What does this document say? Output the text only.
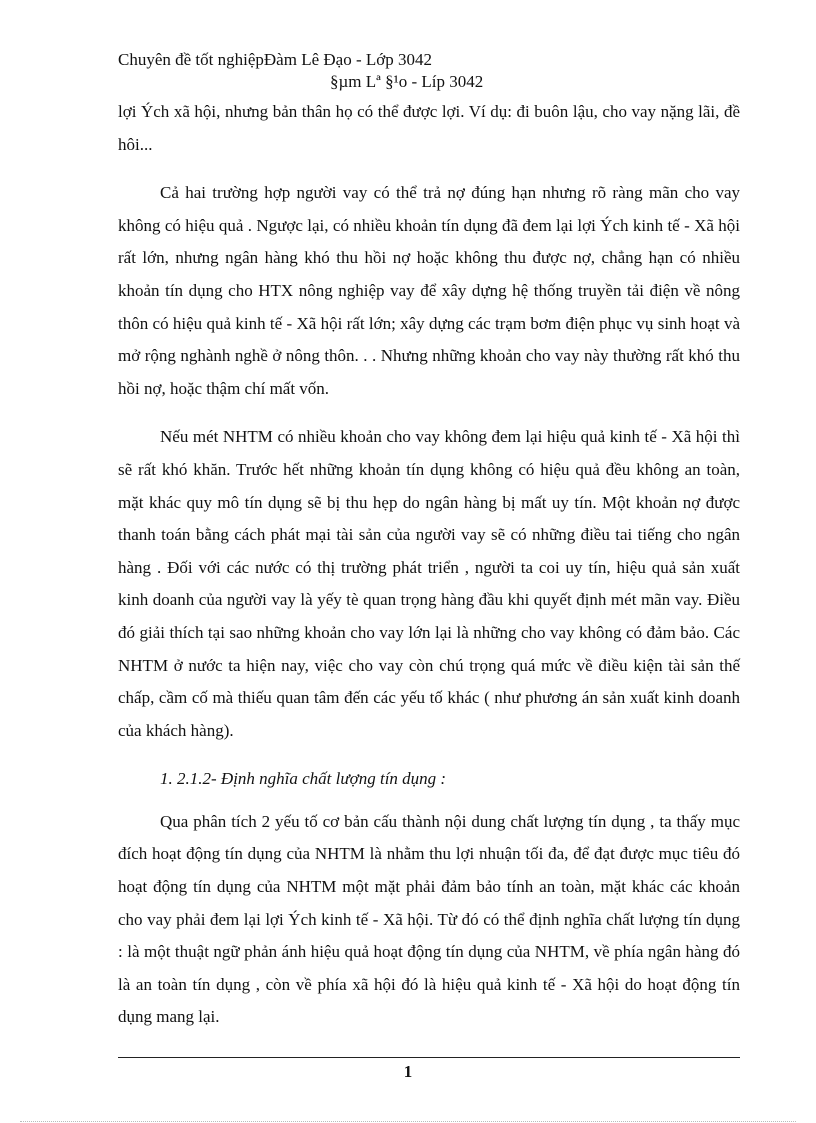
Chuyên đề tốt nghiệpĐàm Lê Đạo - Lớp 3042
§µm Lª §¹o - Líp 3042

lợi Ých xã hội, nhưng bản thân họ có thể được lợi. Ví dụ: đi buôn lậu, cho vay nặng lãi, đề hôi...

Cả hai trường hợp người vay có thể trả nợ đúng hạn nhưng rõ ràng mãn cho vay không có hiệu quả . Ngược lại, có nhiều khoản tín dụng đã đem lại lợi Ých kinh tế - Xã hội rất lớn, nhưng ngân hàng khó thu hồi nợ hoặc không thu được nợ, chẳng hạn có nhiều khoản tín dụng cho HTX nông nghiệp vay để xây dựng hệ thống truyền tải điện về nông thôn có hiệu quả kinh tế - Xã hội rất lớn; xây dựng các trạm bơm điện phục vụ sinh hoạt và mở rộng nghành nghề ở nông thôn. . . Nhưng những khoản cho vay này thường rất khó thu hồi nợ, hoặc thậm chí mất vốn.

Nếu mét NHTM có nhiều khoản cho vay không đem lại hiệu quả kinh tế - Xã hội thì sẽ rất khó khăn. Trước hết những khoản tín dụng không có hiệu quả đều không an toàn, mặt khác quy mô tín dụng sẽ bị thu hẹp do ngân hàng bị mất uy tín. Một khoản nợ được thanh toán bằng cách phát mại tài sản của người vay sẽ có những điều tai tiếng cho ngân hàng . Đối với các nước có thị trường phát triển , người ta coi uy tín, hiệu quả sản xuất kinh doanh của người vay là yếy tè quan trọng hàng đầu khi quyết định mét mãn vay. Điều đó giải thích tại sao những khoản cho vay lớn lại là những cho vay không có đảm bảo. Các NHTM ở nước ta hiện nay, việc cho vay còn chú trọng quá mức về điều kiện tài sản thế chấp, cầm cố mà thiếu quan tâm đến các yếu tố khác ( như phương án sản xuất kinh doanh của khách hàng).

1. 2.1.2- Định nghĩa chất lượng tín dụng :

Qua phân tích 2 yếu tố cơ bản cấu thành nội dung chất lượng tín dụng , ta thấy mục đích hoạt động tín dụng của NHTM là nhằm thu lợi nhuận tối đa, để đạt được mục tiêu đó hoạt động tín dụng của NHTM một mặt phải đảm bảo tính an toàn, mặt khác các khoản cho vay phải đem lại lợi Ých kinh tế - Xã hội. Từ đó có thể định nghĩa chất lượng tín dụng : là một thuật ngữ phản ánh hiệu quả hoạt động tín dụng của NHTM, về phía ngân hàng đó là an toàn tín dụng , còn về phía xã hội đó là hiệu quả kinh tế - Xã hội do hoạt động tín dụng mang lại.

1
